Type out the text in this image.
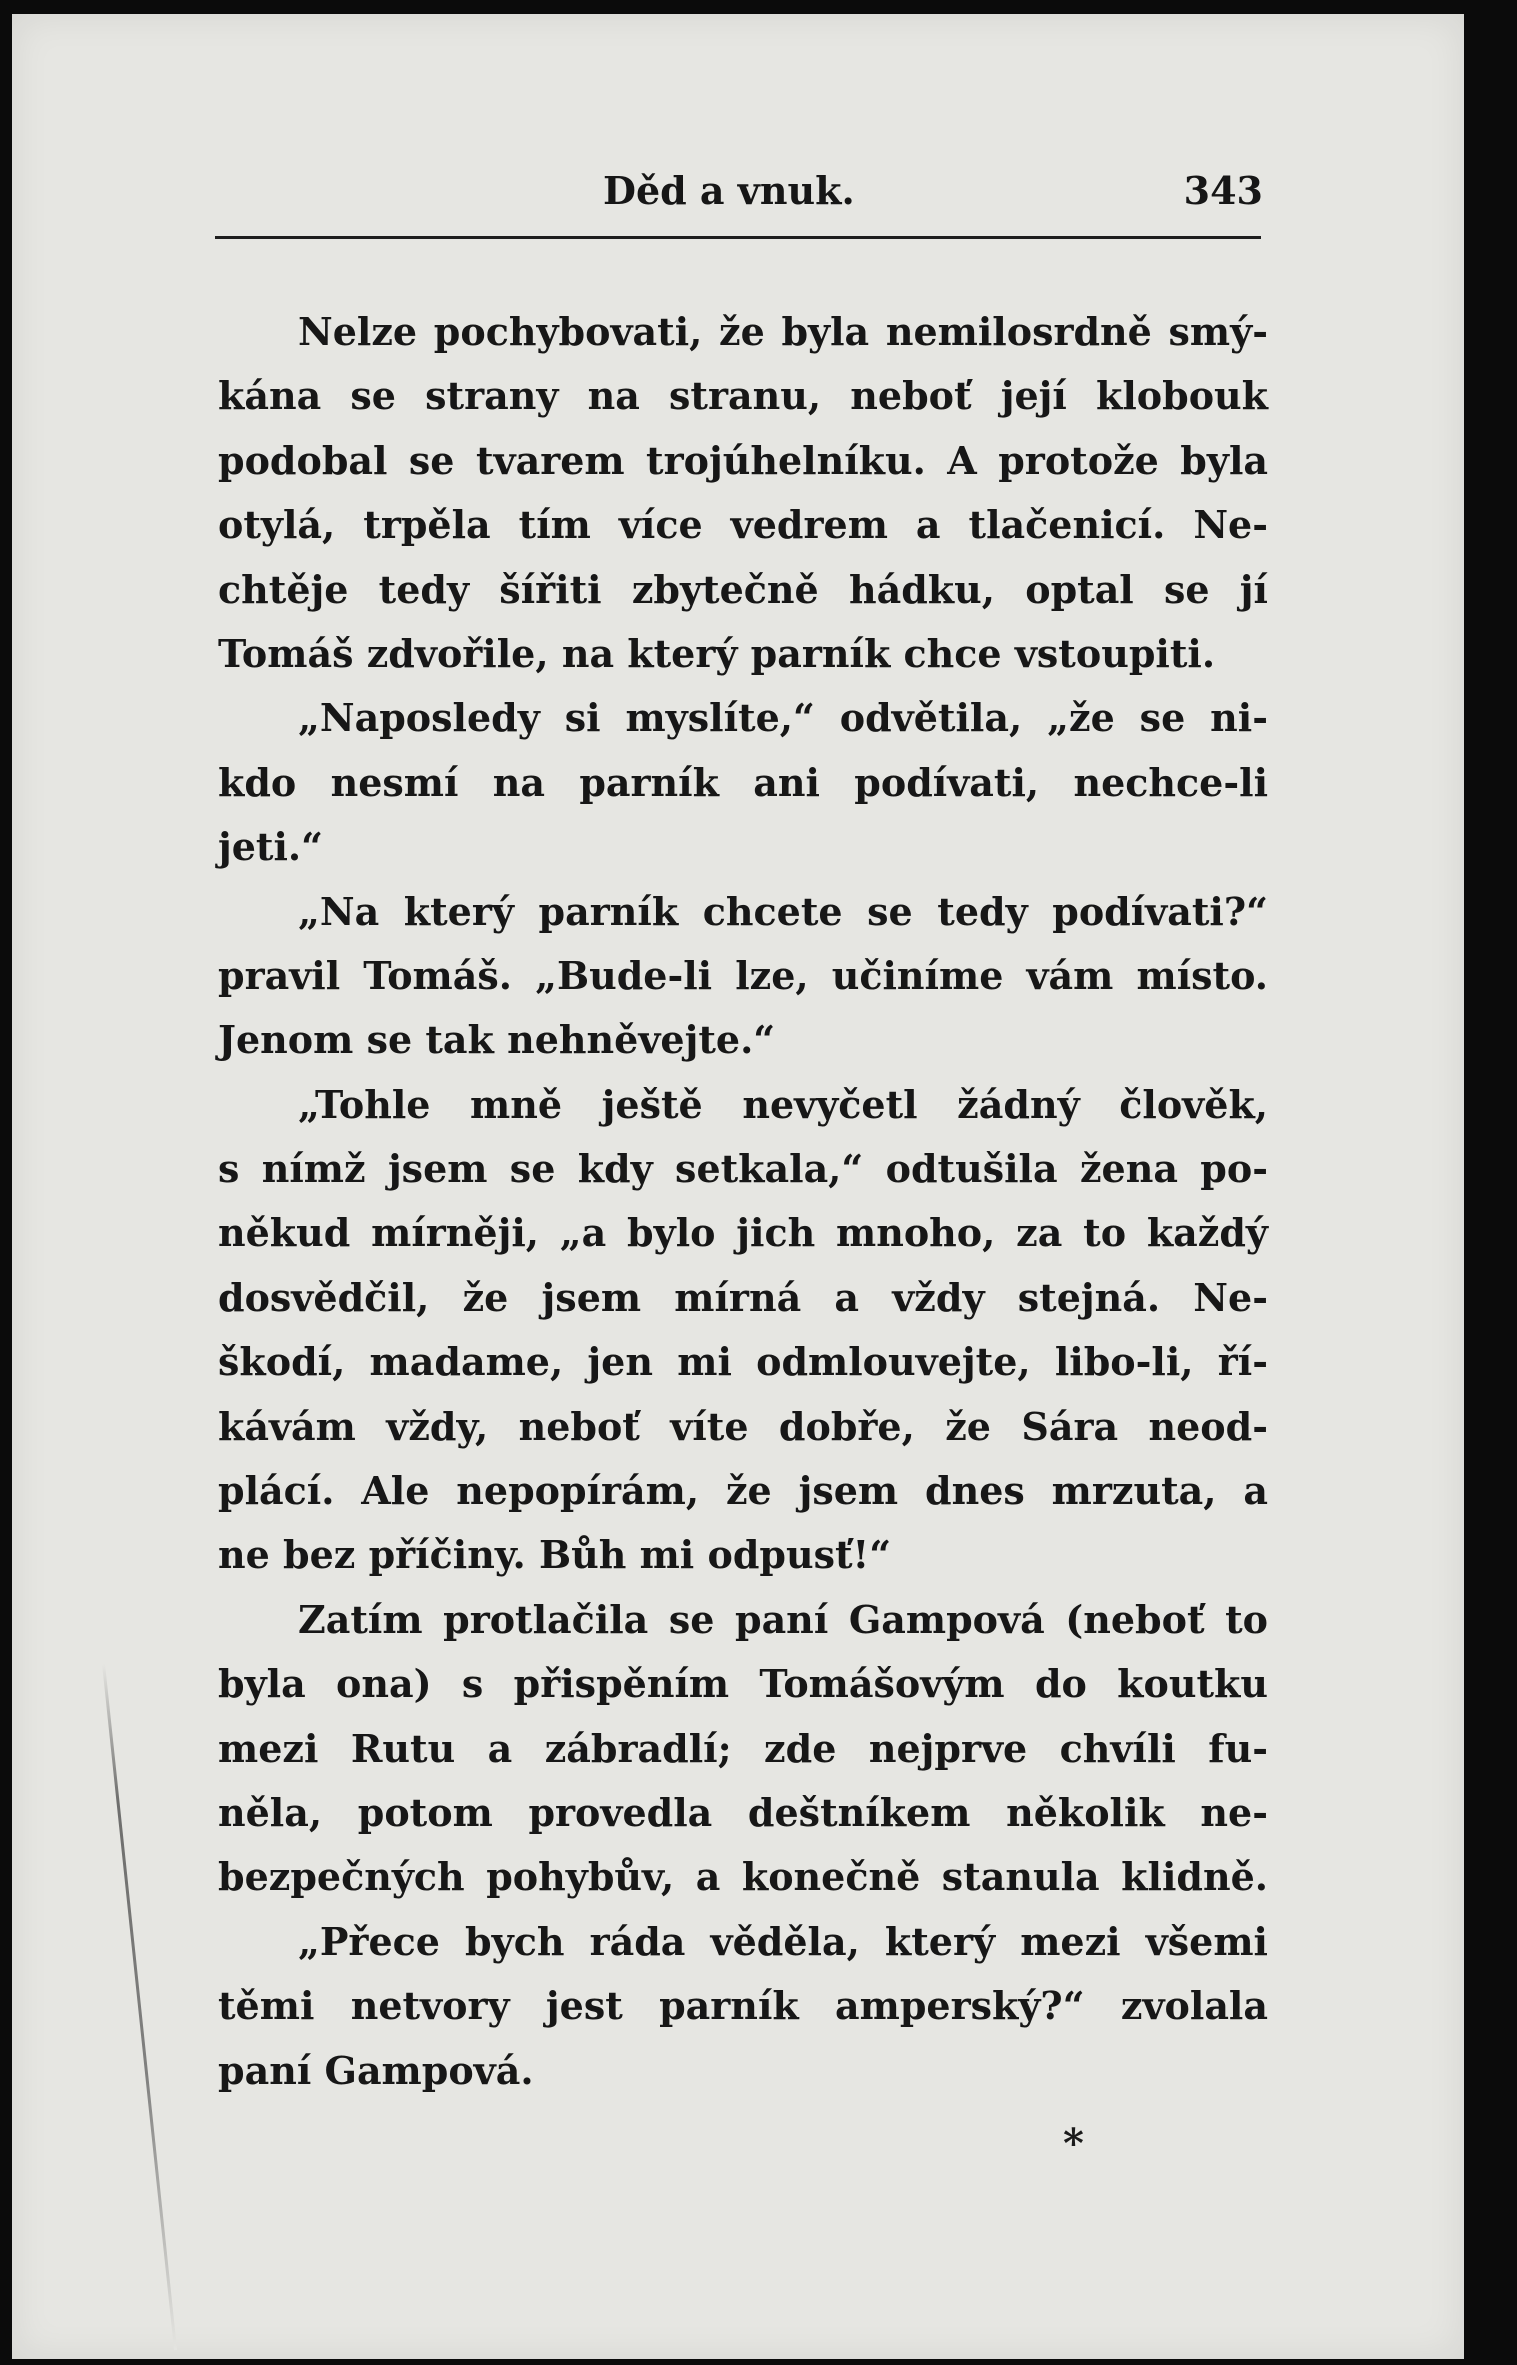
Děd a vnuk.	343
Nelze pochybovati, že byla nemilosrdně smý-
kána se strany na stranu, neboť její klobouk
podobal se tvarem trojúhelníku. A protože byla
otylá, trpěla tím více vedrem a tlačenicí. Ne-
chtěje tedy šířiti zbytečně hádku, optal se jí
Tomáš zdvořile, na který parník chce vstoupiti.
„Naposledy si myslíte,“ odvětila, „že se ni-
kdo nesmí na parník ani podívati, nechce-li
jeti.“
„Na který parník chcete se tedy podívati?“
pravil Tomáš. „Bude-li lze, učiníme vám místo.
Jenom se tak nehněvejte.“
„Tohle mně ještě nevyčetl žádný člověk,
s nímž jsem se kdy setkala,“ odtušila žena po-
někud mírněji, „a bylo jich mnoho, za to každý
dosvědčil, že jsem mírná a vždy stejná. Ne-
škodí, madame, jen mi odmlouvejte, libo-li, ří-
kávám vždy, neboť víte dobře, že Sára neod-
plácí. Ale nepopírám, že jsem dnes mrzuta, a
ne bez příčiny. Bůh mi odpusť!“
Zatím protlačila se paní Gampová (neboť to
byla ona) s přispěním Tomášovým do koutku
mezi Rutu a zábradlí; zde nejprve chvíli fu-
něla, potom provedla deštníkem několik ne-
bezpečných pohybův, a konečně stanula klidně.
„Přece bych ráda věděla, který mezi všemi
těmi netvory jest parník amperský?“ zvolala
paní Gampová.
*
